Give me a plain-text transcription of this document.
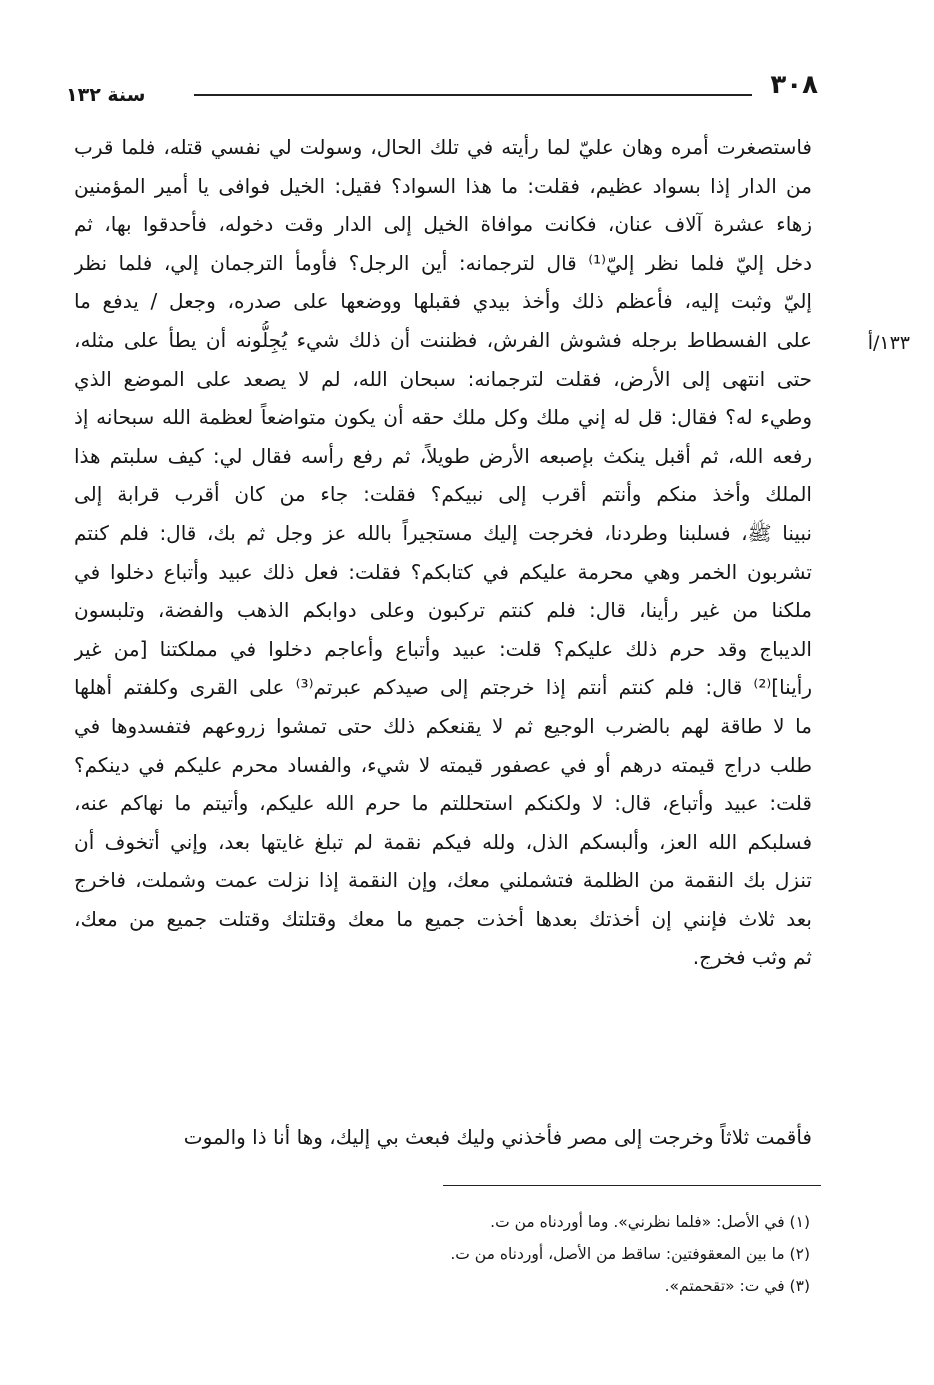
٣٠٨
سنة ١٣٢
١٣٣/أ
فاستصغرت أمره وهان عليّ لما رأيته في تلك الحال، وسولت لي نفسي قتله، فلما قرب
من الدار إذا بسواد عظيم، فقلت: ما هذا السواد؟ فقيل: الخيل فوافى يا أمير المؤمنين
زهاء عشرة آلاف عنان، فكانت موافاة الخيل إلى الدار وقت دخوله، فأحدقوا بها، ثم
دخل إليّ فلما نظر إليّ⁽¹⁾ قال لترجمانه: أين الرجل؟ فأومأ الترجمان إلي، فلما نظر
إليّ وثبت إليه، فأعظم ذلك وأخذ بيدي فقبلها ووضعها على صدره، وجعل / يدفع ما
على الفسطاط برجله فشوش الفرش، فظننت أن ذلك شيء يُجِلُّونه أن يطأ على مثله،
حتى انتهى إلى الأرض، فقلت لترجمانه: سبحان الله، لم لا يصعد على الموضع الذي
وطيء له؟ فقال: قل له إني ملك وكل ملك حقه أن يكون متواضعاً لعظمة الله سبحانه إذ
رفعه الله، ثم أقبل ينكث بإصبعه الأرض طويلاً، ثم رفع رأسه فقال لي: كيف سلبتم هذا
الملك وأخذ منكم وأنتم أقرب إلى نبيكم؟ فقلت: جاء من كان أقرب قرابة إلى
نبينا ﷺ، فسلبنا وطردنا، فخرجت إليك مستجيراً بالله عز وجل ثم بك، قال: فلم كنتم
تشربون الخمر وهي محرمة عليكم في كتابكم؟ فقلت: فعل ذلك عبيد وأتباع دخلوا في
ملكنا من غير رأينا، قال: فلم كنتم تركبون وعلى دوابكم الذهب والفضة، وتلبسون
الديباج وقد حرم ذلك عليكم؟ قلت: عبيد وأتباع وأعاجم دخلوا في مملكتنا [من غير
رأينا]⁽²⁾ قال: فلم كنتم أنتم إذا خرجتم إلى صيدكم عبرتم⁽³⁾ على القرى وكلفتم أهلها
ما لا طاقة لهم بالضرب الوجيع ثم لا يقنعكم ذلك حتى تمشوا زروعهم فتفسدوها في
طلب دراج قيمته درهم أو في عصفور قيمته لا شيء، والفساد محرم عليكم في دينكم؟
قلت: عبيد وأتباع، قال: لا ولكنكم استحللتم ما حرم الله عليكم، وأتيتم ما نهاكم عنه،
فسلبكم الله العز، وألبسكم الذل، ولله فيكم نقمة لم تبلغ غايتها بعد، وإني أتخوف أن
تنزل بك النقمة من الظلمة فتشملني معك، وإن النقمة إذا نزلت عمت وشملت، فاخرج
بعد ثلاث فإنني إن أخذتك بعدها أخذت جميع ما معك وقتلتك وقتلت جميع من معك،
ثم وثب فخرج.
فأقمت ثلاثاً وخرجت إلى مصر فأخذني وليك فبعث بي إليك، وها أنا ذا والموت
(١) في الأصل: «فلما نظرني». وما أوردناه من ت.
(٢) ما بين المعقوفتين: ساقط من الأصل، أوردناه من ت.
(٣) في ت: «تقحمتم».
